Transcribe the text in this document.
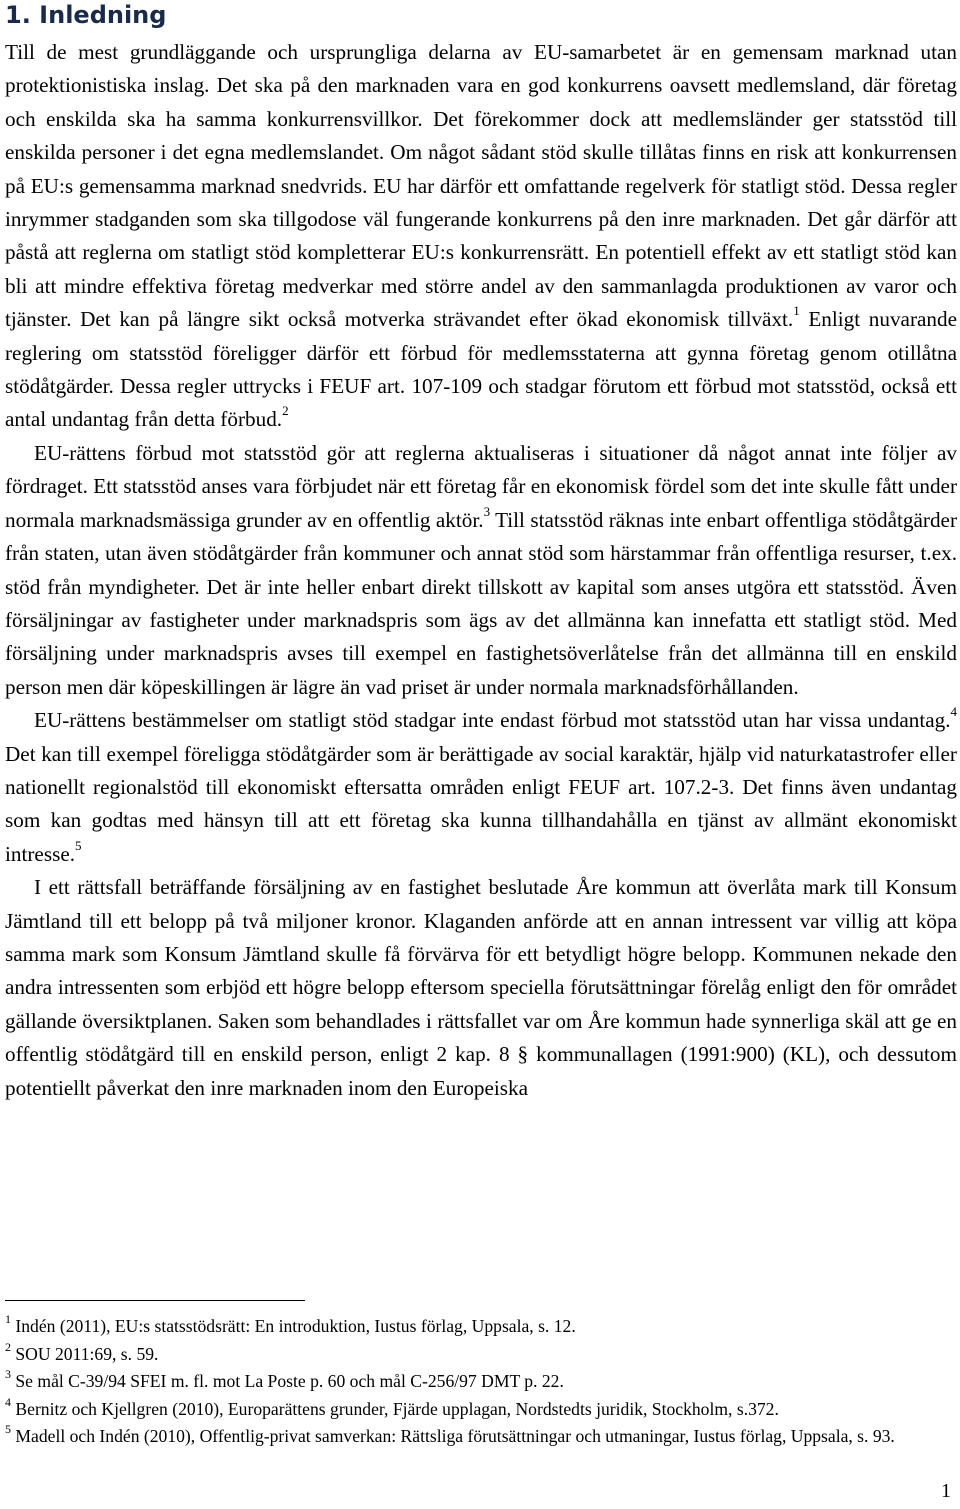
1. Inledning

Till de mest grundläggande och ursprungliga delarna av EU-samarbetet är en gemensam marknad utan protektionistiska inslag. Det ska på den marknaden vara en god konkurrens oavsett medlemsland, där företag och enskilda ska ha samma konkurrensvillkor. Det förekommer dock att medlemsländer ger statsstöd till enskilda personer i det egna medlemslandet. Om något sådant stöd skulle tillåtas finns en risk att konkurrensen på EU:s gemensamma marknad snedvrids. EU har därför ett omfattande regelverk för statligt stöd. Dessa regler inrymmer stadganden som ska tillgodose väl fungerande konkurrens på den inre marknaden. Det går därför att påstå att reglerna om statligt stöd kompletterar EU:s konkurrensrätt. En potentiell effekt av ett statligt stöd kan bli att mindre effektiva företag medverkar med större andel av den sammanlagda produktionen av varor och tjänster. Det kan på längre sikt också motverka strävandet efter ökad ekonomisk tillväxt.$^1$ Enligt nuvarande reglering om statsstöd föreligger därför ett förbud för medlemsstaterna att gynna företag genom otillåtna stödåtgärder. Dessa regler uttrycks i FEUF art. 107-109 och stadgar förutom ett förbud mot statsstöd, också ett antal undantag från detta förbud.$^2$

EU-rättens förbud mot statsstöd gör att reglerna aktualiseras i situationer då något annat inte följer av fördraget. Ett statsstöd anses vara förbjudet när ett företag får en ekonomisk fördel som det inte skulle fått under normala marknadsmässiga grunder av en offentlig aktör.$^3$ Till statsstöd räknas inte enbart offentliga stödåtgärder från staten, utan även stödåtgärder från kommuner och annat stöd som härstammar från offentliga resurser, t.ex. stöd från myndigheter. Det är inte heller enbart direkt tillskott av kapital som anses utgöra ett statsstöd. Även försäljningar av fastigheter under marknadspris som ägs av det allmänna kan innefatta ett statligt stöd. Med försäljning under marknadspris avses till exempel en fastighetsöverlåtelse från det allmänna till en enskild person men där köpeskillingen är lägre än vad priset är under normala marknadsförhållanden.

EU-rättens bestämmelser om statligt stöd stadgar inte endast förbud mot statsstöd utan har vissa undantag.$^4$ Det kan till exempel föreligga stödåtgärder som är berättigade av social karaktär, hjälp vid naturkatastrofer eller nationellt regionalstöd till ekonomiskt eftersatta områden enligt FEUF art. 107.2-3. Det finns även undantag som kan godtas med hänsyn till att ett företag ska kunna tillhandahålla en tjänst av allmänt ekonomiskt intresse.$^5$

I ett rättsfall beträffande försäljning av en fastighet beslutade Åre kommun att överlåta mark till Konsum Jämtland till ett belopp på två miljoner kronor. Klaganden anförde att en annan intressent var villig att köpa samma mark som Konsum Jämtland skulle få förvärva för ett betydligt högre belopp. Kommunen nekade den andra intressenten som erbjöd ett högre belopp eftersom speciella förutsättningar förelåg enligt den för området gällande översiktplanen. Saken som behandlades i rättsfallet var om Åre kommun hade synnerliga skäl att ge en offentlig stödåtgärd till en enskild person, enligt 2 kap. 8 § kommunallagen (1991:900) (KL), och dessutom potentiellt påverkat den inre marknaden inom den Europeiska

$^1$ Indén (2011), EU:s statsstödsrätt: En introduktion, Iustus förlag, Uppsala, s. 12.

$^2$ SOU 2011:69, s. 59.

$^3$ Se mål C-39/94 SFEI m. fl. mot La Poste p. 60 och mål C-256/97 DMT p. 22.

$^4$ Bernitz och Kjellgren (2010), Europarättens grunder, Fjärde upplagan, Nordstedts juridik, Stockholm, s.372.

$^5$ Madell och Indén (2010), Offentlig-privat samverkan: Rättsliga förutsättningar och utmaningar, Iustus förlag, Uppsala, s. 93.

1
